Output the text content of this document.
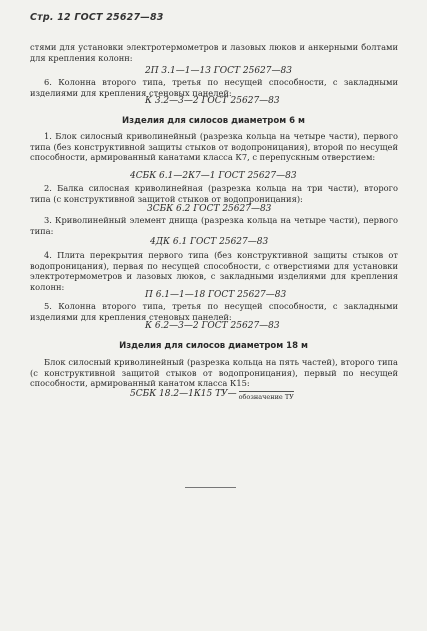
Стр. 12 ГОСТ 25627—83
стями для установки электротермометров и лазовых люков и анкерными болтами для крепления колонн:
2П 3.1—1—13 ГОСТ 25627—83
6. Колонна второго типа, третья по несущей способности, с закладными изделиями для крепления стеновых панелей:
К 3.2—3—2 ГОСТ 25627—83
Изделия для силосов диаметром 6 м
1. Блок силосный криволинейный (разрезка кольца на четыре части), первого типа (без конструктивной защиты стыков от водопроницания), второй по несущей способности, армированный канатами класса К7, с перепускным отверстием:
4СБК 6.1—2К7—1 ГОСТ 25627—83
2. Балка силосная криволинейная (разрезка кольца на три части), второго типа (с конструктивной защитой стыков от водопроницания):
3СБК 6.2 ГОСТ 25627—83
3. Криволинейный элемент днища (разрезка кольца на четыре части), первого типа:
4ДК 6.1 ГОСТ 25627—83
4. Плита перекрытия первого типа (без конструктивной защиты стыков от водопроницания), первая по несущей способности, с отверстиями для установки электротермометров и лазовых люков, с закладными изделиями для крепления колонн:
П 6.1—1—18 ГОСТ 25627—83
5. Колонна второго типа, третья по несущей способности, с закладными изделиями для крепления стеновых панелей:
К 6.2—3—2 ГОСТ 25627—83
Изделия для силосов диаметром 18 м
Блок силосный криволинейный (разрезка кольца на пять частей), второго типа (с конструктивной защитой стыков от водопроницания), первый по несущей способности, армированный канатом класса К15:
5СБК 18.2—1К15 ТУ— обозначение ТУ
